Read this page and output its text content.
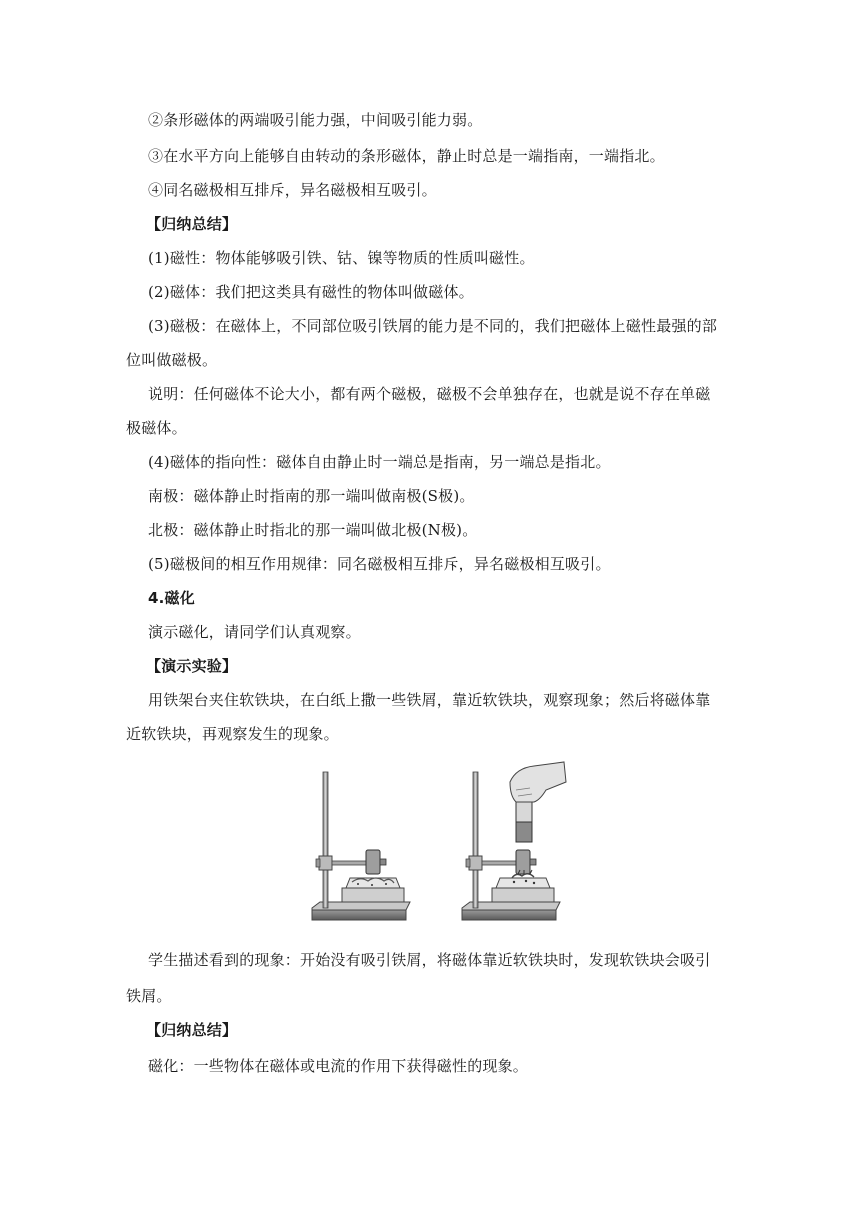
②条形磁体的两端吸引能力强，中间吸引能力弱。
③在水平方向上能够自由转动的条形磁体，静止时总是一端指南，一端指北。
④同名磁极相互排斥，异名磁极相互吸引。
【归纳总结】
(1)磁性：物体能够吸引铁、钴、镍等物质的性质叫磁性。
(2)磁体：我们把这类具有磁性的物体叫做磁体。
(3)磁极：在磁体上，不同部位吸引铁屑的能力是不同的，我们把磁体上磁性最强的部
位叫做磁极。
说明：任何磁体不论大小，都有两个磁极，磁极不会单独存在，也就是说不存在单磁
极磁体。
(4)磁体的指向性：磁体自由静止时一端总是指南，另一端总是指北。
南极：磁体静止时指南的那一端叫做南极(S极)。
北极：磁体静止时指北的那一端叫做北极(N极)。
(5)磁极间的相互作用规律：同名磁极相互排斥，异名磁极相互吸引。
4.磁化
演示磁化，请同学们认真观察。
【演示实验】
用铁架台夹住软铁块，在白纸上撒一些铁屑，靠近软铁块，观察现象；然后将磁体靠
近软铁块，再观察发生的现象。
学生描述看到的现象：开始没有吸引铁屑，将磁体靠近软铁块时，发现软铁块会吸引
铁屑。
【归纳总结】
磁化：一些物体在磁体或电流的作用下获得磁性的现象。
